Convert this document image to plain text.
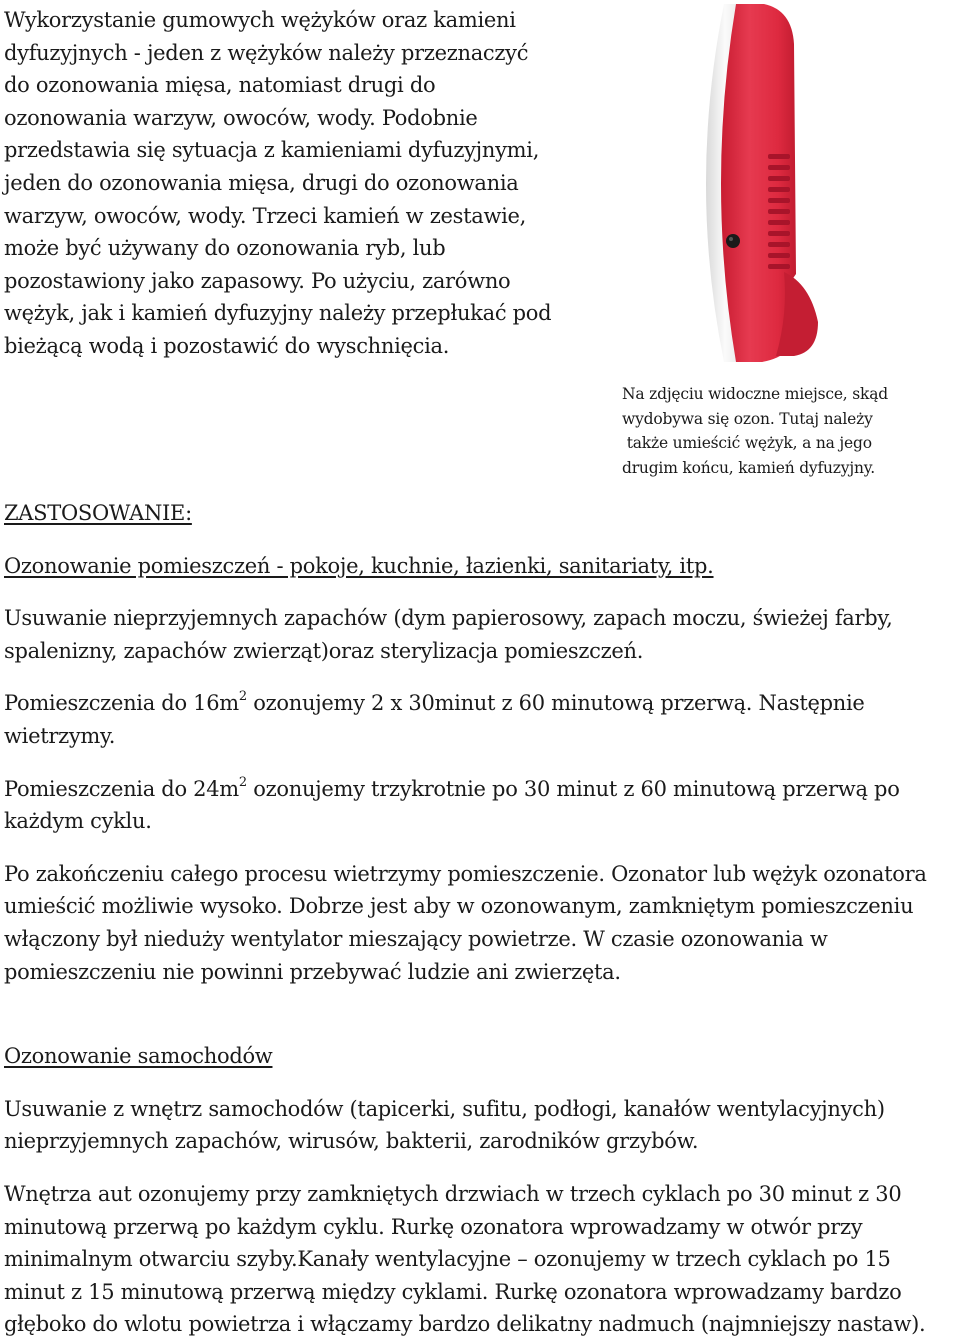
Wykorzystanie gumowych wężyków oraz kamieni

dyfuzyjnych - jeden z wężyków należy przeznaczyć

do ozonowania mięsa, natomiast drugi do

ozonowania warzyw, owoców, wody. Podobnie

przedstawia się sytuacja z kamieniami dyfuzyjnymi,

jeden do ozonowania mięsa, drugi do ozonowania

warzyw, owoców, wody. Trzeci kamień w zestawie,

może być używany do ozonowania ryb, lub

pozostawiony jako zapasowy. Po użyciu, zarówno

wężyk, jak i kamień dyfuzyjny należy przepłukać pod

bieżącą wodą i pozostawić do wyschnięcia.

Na zdjęciu widoczne miejsce, skąd
wydobywa się ozon. Tutaj należy
także umieścić wężyk, a na jego
drugim końcu, kamień dyfuzyjny.

ZASTOSOWANIE:

Ozonowanie pomieszczeń - pokoje, kuchnie, łazienki, sanitariaty, itp.

Usuwanie nieprzyjemnych zapachów (dym papierosowy, zapach moczu, świeżej farby, spalenizny, zapachów zwierząt)oraz sterylizacja pomieszczeń.

Pomieszczenia do $16m^2$ ozonujemy 2 x 30minut z 60 minutową przerwą. Następnie wietrzymy.

Pomieszczenia do $24m^2$ ozonujemy trzykrotnie po 30 minut z 60 minutową przerwą po każdym cyklu.

Po zakończeniu całego procesu wietrzymy pomieszczenie. Ozonator lub wężyk ozonatora umieścić możliwie wysoko. Dobrze jest aby w ozonowanym, zamkniętym pomieszczeniu włączony był nieduży wentylator mieszający powietrze. W czasie ozonowania w pomieszczeniu nie powinni przebywać ludzie ani zwierzęta.

Ozonowanie samochodów

Usuwanie z wnętrz samochodów (tapicerki, sufitu, podłogi, kanałów wentylacyjnych) nieprzyjemnych zapachów, wirusów, bakterii, zarodników grzybów.

Wnętrza aut ozonujemy przy zamkniętych drzwiach w trzech cyklach po 30 minut z 30 minutową przerwą po każdym cyklu. Rurkę ozonatora wprowadzamy w otwór przy minimalnym otwarciu szyby.Kanały wentylacyjne – ozonujemy w trzech cyklach po 15 minut z 15 minutową przerwą między cyklami. Rurkę ozonatora wprowadzamy bardzo głęboko do wlotu powietrza i włączamy bardzo delikatny nadmuch (najmniejszy nastaw).
